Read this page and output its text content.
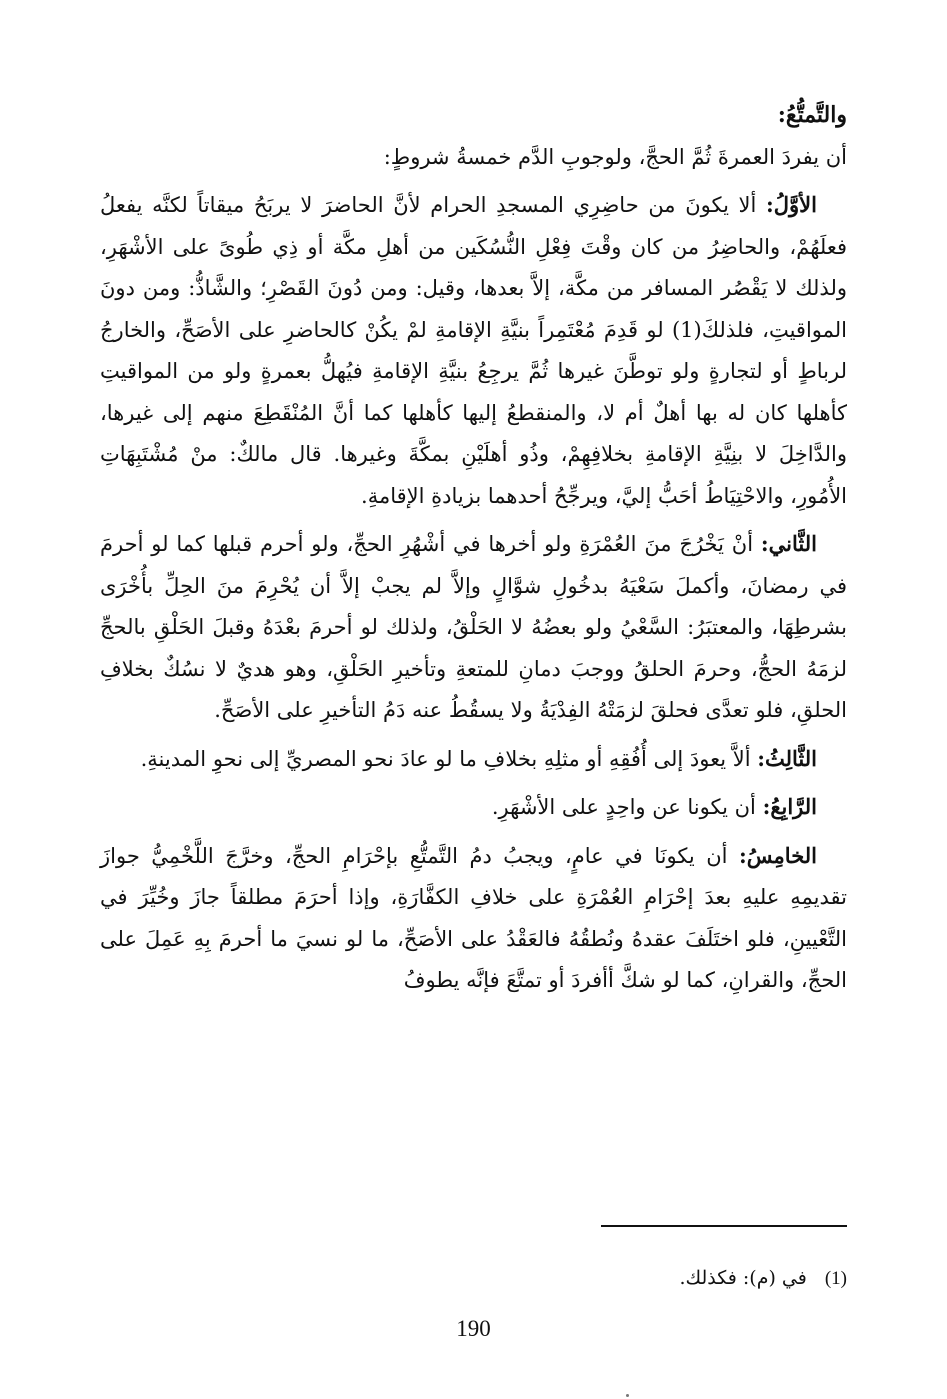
والتَّمتُّعُ:

أن يفردَ العمرةَ ثُمَّ الحجَّ، ولوجوبِ الدَّم خمسةُ شروطٍ:

الأوَّلُ: ألا يكونَ من حاضِرِي المسجدِ الحرام لأنَّ الحاضرَ لا يربَحُ ميقاتاً لكنَّه يفعلُ فعلَهُمْ، والحاضِرُ من كان وقْتَ فِعْلِ النُّسُكَين من أهلِ مكَّة أو ذِي طُوىً على الأشْهَرِ، ولذلك لا يَقْصُر المسافر من مكَّة، إلاَّ بعدها، وقيل: ومن دُونَ القَصْرِ؛ والشَّاذُّ: ومن دونَ المواقيتِ، فلذلكَ(1) لو قَدِمَ مُعْتَمِراً بنيَّةِ الإقامةِ لمْ يكُنْ كالحاضرِ على الأصَحِّ، والخارجُ لرباطٍ أو لتجارةٍ ولو توطَّنَ غيرها ثُمَّ يرجِعُ بنيَّةِ الإقامةِ فيُهلُّ بعمرةٍ ولو من المواقيتِ كأهلها كان له بها أهلٌ أم لا، والمنقطعُ إليها كأهلها كما أنَّ المُنْقَطِعَ منهم إلى غيرها، والدَّاخِلَ لا بنِيَّةِ الإقامةِ بخلافِهِمْ، وذُو أهلَيْنِ بمكَّةَ وغيرها. قال مالكٌ: منْ مُشْتَبِهَاتِ الأُمُورِ، والاحْتِيَاطُ أحَبُّ إليَّ، ويرجِّحُ أحدهما بزيادةِ الإقامةِ.

الثَّاني: أنْ يَخْرُجَ منَ العُمْرَةِ ولو أخرها في أشْهُرِ الحجِّ، ولو أحرم قبلها كما لو أحرمَ في رمضانَ، وأكملَ سَعْيَهُ بدخُولِ شوَّالٍ وإلاَّ لم يجبْ إلاَّ أن يُحْرِمَ منَ الحِلِّ بأُخْرَى بشرطِهَا، والمعتبَرُ: السَّعْيُ ولو بعضُهُ لا الحَلْقُ، ولذلك لو أحرمَ بعْدَهُ وقبلَ الحَلْقِ بالحجِّ لزمَهُ الحجُّ، وحرمَ الحلقُ ووجبَ دمانِ للمتعةِ وتأخيرِ الحَلْقِ، وهو هديٌ لا نسُكٌ بخلافِ الحلقِ، فلو تعدَّى فحلقَ لزمَتْهُ الفِدْيَةُ ولا يسقُطُ عنه دَمُ التأخيرِ على الأصَحِّ.

الثَّالِثُ: ألاَّ يعودَ إلى أُفُقِهِ أو مثلِهِ بخلافِ ما لو عادَ نحو المصريِّ إلى نحوِ المدينةِ.

الرَّابِعُ: أن يكونا عن واحِدٍ على الأشْهَرِ.

الخامِسُ: أن يكونَا في عامٍ، ويجبُ دمُ التَّمتُّعِ بإحْرَامِ الحجِّ، وخرَّجَ اللَّخْمِيُّ جوازَ تقديمِهِ عليهِ بعدَ إحْرَامِ العُمْرَةِ على خلافِ الكفَّارَةِ، وإذا أحرَمَ مطلقاً جازَ وخُيِّرَ في التَّعْيينِ، فلو اختَلَفَ عقدهُ ونُطقُهُ فالعَقْدُ على الأصَحِّ، ما لو نسيَ ما أحرمَ بِهِ عَمِلَ على الحجِّ، والقرانِ، كما لو شكَّ أأفردَ أو تمتَّعَ فإنَّه يطوفُ

(1)في (م): فكذلك.
190
